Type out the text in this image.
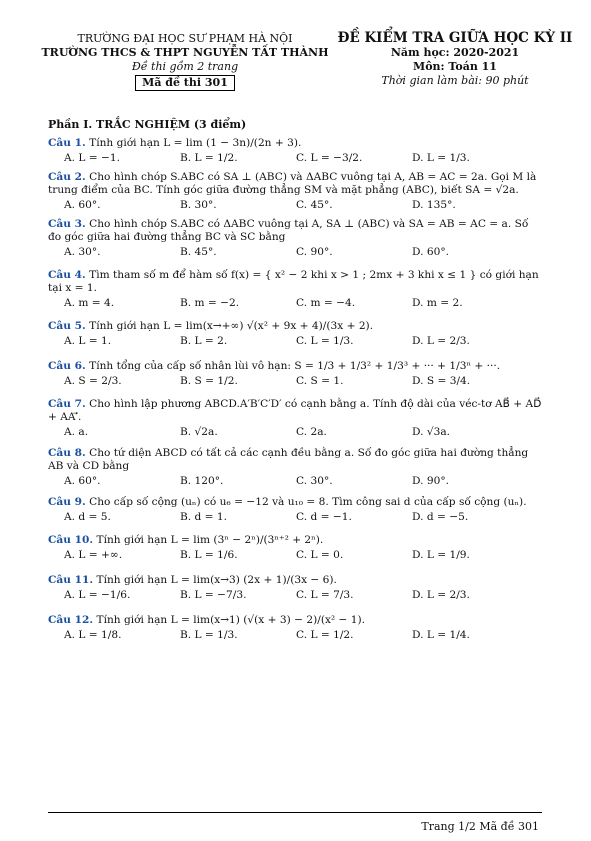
TRƯỜNG ĐẠI HỌC SƯ PHẠM HÀ NỘI
TRƯỜNG THCS & THPT NGUYỄN TẤT THÀNH
Đề thi gồm 2 trang
Mã đề thi 301
ĐỀ KIỂM TRA GIỮA HỌC KỲ II
Năm học: 2020-2021
Môn: Toán 11
Thời gian làm bài: 90 phút
Phần I. TRẮC NGHIỆM (3 điểm)
Câu 1. Tính giới hạn L = lim (1 − 3n)/(2n + 3).
A. L = −1.	B. L = 1/2.	C. L = −3/2.	D. L = 1/3.
Câu 2. Cho hình chóp S.ABC có SA ⊥ (ABC) và ΔABC vuông tại A, AB = AC = 2a. Gọi M là trung điểm của BC. Tính góc giữa đường thẳng SM và mặt phẳng (ABC), biết SA = √2a.
A. 60°.	B. 30°.	C. 45°.	D. 135°.
Câu 3. Cho hình chóp S.ABC có ΔABC vuông tại A, SA ⊥ (ABC) và SA = AB = AC = a. Số đo góc giữa hai đường thẳng BC và SC bằng
A. 30°.	B. 45°.	C. 90°.	D. 60°.
Câu 4. Tìm tham số m để hàm số f(x) = { x² − 2 khi x > 1 ; 2mx + 3 khi x ≤ 1 } có giới hạn tại x = 1.
A. m = 4.	B. m = −2.	C. m = −4.	D. m = 2.
Câu 5. Tính giới hạn L = lim(x→+∞) √(x² + 9x + 4)/(3x + 2).
A. L = 1.	B. L = 2.	C. L = 1/3.	D. L = 2/3.
Câu 6. Tính tổng của cấp số nhân lùi vô hạn: S = 1/3 + 1/3² + 1/3³ + ··· + 1/3ⁿ + ···.
A. S = 2/3.	B. S = 1/2.	C. S = 1.	D. S = 3/4.
Câu 7. Cho hình lập phương ABCD.A′B′C′D′ có cạnh bằng a. Tính độ dài của véc-tơ AB⃗ + AD⃗ + AA′⃗.
A. a.	B. √2a.	C. 2a.	D. √3a.
Câu 8. Cho tứ diện ABCD có tất cả các cạnh đều bằng a. Số đo góc giữa hai đường thẳng AB và CD bằng
A. 60°.	B. 120°.	C. 30°.	D. 90°.
Câu 9. Cho cấp số cộng (uₙ) có u₆ = −12 và u₁₀ = 8. Tìm công sai d của cấp số cộng (uₙ).
A. d = 5.	B. d = 1.	C. d = −1.	D. d = −5.
Câu 10. Tính giới hạn L = lim (3ⁿ − 2ⁿ)/(3ⁿ⁺² + 2ⁿ).
A. L = +∞.	B. L = 1/6.	C. L = 0.	D. L = 1/9.
Câu 11. Tính giới hạn L = lim(x→3) (2x + 1)/(3x − 6).
A. L = −1/6.	B. L = −7/3.	C. L = 7/3.	D. L = 2/3.
Câu 12. Tính giới hạn L = lim(x→1) (√(x + 3) − 2)/(x² − 1).
A. L = 1/8.	B. L = 1/3.	C. L = 1/2.	D. L = 1/4.
Trang 1/2 Mã đề 301
